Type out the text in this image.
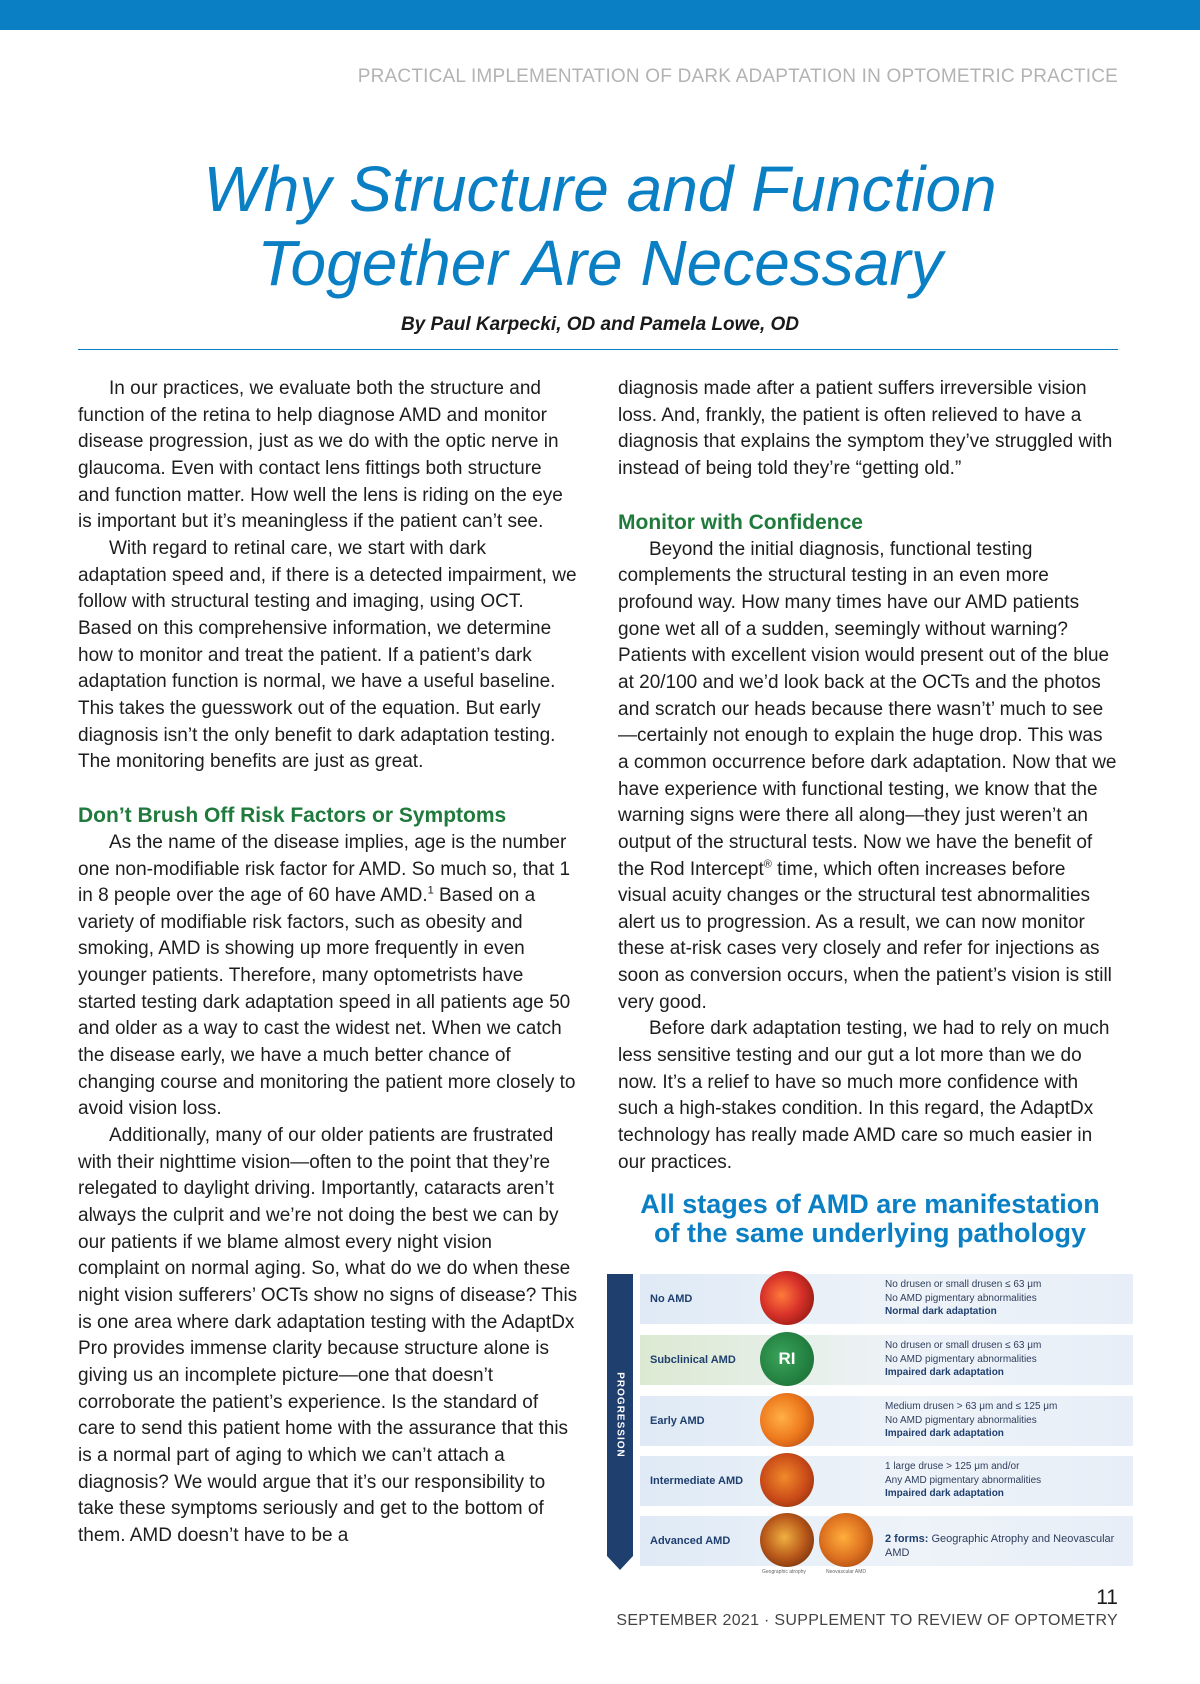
PRACTICAL IMPLEMENTATION OF DARK ADAPTATION IN OPTOMETRIC PRACTICE
Why Structure and Function
Together Are Necessary
By Paul Karpecki, OD and Pamela Lowe, OD

In our practices, we evaluate both the structure and function of the retina to help diagnose AMD and monitor disease progression, just as we do with the optic nerve in glaucoma. Even with contact lens fittings both structure and function matter. How well the lens is riding on the eye is important but it’s meaningless if the patient can’t see.

With regard to retinal care, we start with dark adaptation speed and, if there is a detected impairment, we follow with structural testing and imaging, using OCT. Based on this comprehensive information, we determine how to monitor and treat the patient. If a patient’s dark adaptation function is normal, we have a useful baseline. This takes the guesswork out of the equation. But early diagnosis isn’t the only benefit to dark adaptation testing. The monitoring benefits are just as great.

Don’t Brush Off Risk Factors or Symptoms

As the name of the disease implies, age is the number one non-modifiable risk factor for AMD. So much so, that 1 in 8 people over the age of 60 have AMD.$^1$ Based on a variety of modifiable risk factors, such as obesity and smoking, AMD is showing up more frequently in even younger patients. Therefore, many optometrists have started testing dark adaptation speed in all patients age 50 and older as a way to cast the widest net. When we catch the disease early, we have a much better chance of changing course and monitoring the patient more closely to avoid vision loss.

Additionally, many of our older patients are frustrated with their nighttime vision—often to the point that they’re relegated to daylight driving. Importantly, cataracts aren’t always the culprit and we’re not doing the best we can by our patients if we blame almost every night vision complaint on normal aging. So, what do we do when these night vision sufferers’ OCTs show no signs of disease? This is one area where dark adaptation testing with the AdaptDx Pro provides immense clarity because structure alone is giving us an incomplete picture—one that doesn’t corroborate the patient’s experience. Is the standard of care to send this patient home with the assurance that this is a normal part of aging to which we can’t attach a diagnosis? We would argue that it’s our responsibility to take these symptoms seriously and get to the bottom of them. AMD doesn’t have to be a

diagnosis made after a patient suffers irreversible vision loss. And, frankly, the patient is often relieved to have a diagnosis that explains the symptom they’ve struggled with instead of being told they’re “getting old.”

Monitor with Confidence

Beyond the initial diagnosis, functional testing complements the structural testing in an even more profound way. How many times have our AMD patients gone wet all of a sudden, seemingly without warning? Patients with excellent vision would present out of the blue at 20/100 and we’d look back at the OCTs and the photos and scratch our heads because there wasn’t’ much to see—certainly not enough to explain the huge drop. This was a common occurrence before dark adaptation. Now that we have experience with functional testing, we know that the warning signs were there all along—they just weren’t an output of the structural tests. Now we have the benefit of the Rod Intercept® time, which often increases before visual acuity changes or the structural test abnormalities alert us to progression. As a result, we can now monitor these at-risk cases very closely and refer for injections as soon as conversion occurs, when the patient’s vision is still very good.

Before dark adaptation testing, we had to rely on much less sensitive testing and our gut a lot more than we do now. It’s a relief to have so much more confidence with such a high-stakes condition. In this regard, the AdaptDx technology has really made AMD care so much easier in our practices.

All stages of AMD are manifestation
of the same underlying pathology
PROGRESSION
No AMD
No drusen or small drusen ≤ 63 μm
No AMD pigmentary abnormalities
Normal dark adaptation
Subclinical AMD	RI
No drusen or small drusen ≤ 63 μm
No AMD pigmentary abnormalities
Impaired dark adaptation
Early AMD
Medium drusen > 63 μm and ≤ 125 μm
No AMD pigmentary abnormalities
Impaired dark adaptation
Intermediate AMD
1 large druse > 125 μm and/or
Any AMD pigmentary abnormalities
Impaired dark adaptation
Advanced AMD
Geographic atrophy	Neovascular AMD
2 forms: Geographic Atrophy and Neovascular AMD
11
SEPTEMBER 2021 · SUPPLEMENT TO REVIEW OF OPTOMETRY
